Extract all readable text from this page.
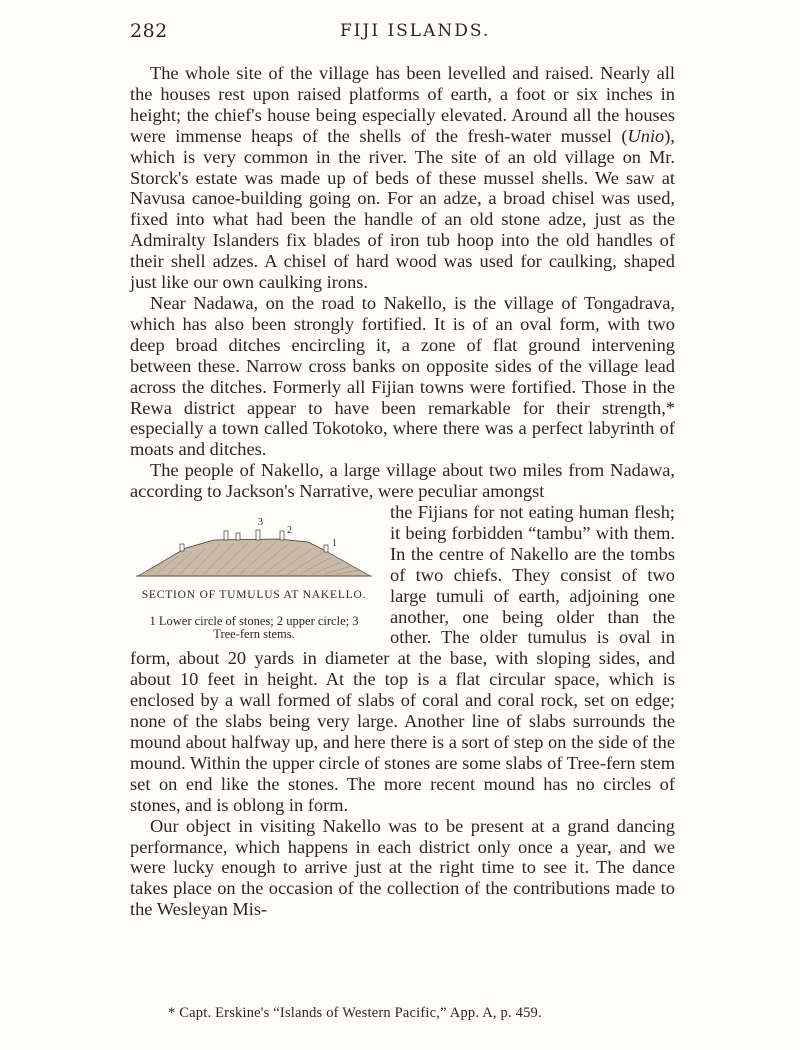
282	FIJI ISLANDS.

The whole site of the village has been levelled and raised. Nearly all the houses rest upon raised platforms of earth, a foot or six inches in height; the chief's house being especially elevated. Around all the houses were immense heaps of the shells of the fresh-water mussel (Unio), which is very common in the river. The site of an old village on Mr. Storck's estate was made up of beds of these mussel shells. We saw at Navusa canoe-building going on. For an adze, a broad chisel was used, fixed into what had been the handle of an old stone adze, just as the Admiralty Islanders fix blades of iron tub hoop into the old handles of their shell adzes. A chisel of hard wood was used for caulking, shaped just like our own caulking irons.

Near Nadawa, on the road to Nakello, is the village of Tongadrava, which has also been strongly fortified. It is of an oval form, with two deep broad ditches encircling it, a zone of flat ground intervening between these. Narrow cross banks on opposite sides of the village lead across the ditches. Formerly all Fijian towns were fortified. Those in the Rewa district appear to have been remarkable for their strength,* especially a town called Tokotoko, where there was a perfect labyrinth of moats and ditches.

The people of Nakello, a large village about two miles from Nadawa, according to Jackson's Narrative, were peculiar amongst

3
2
1
SECTION OF TUMULUS AT NAKELLO.
1 Lower circle of stones; 2 upper circle; 3 Tree-fern stems.
the Fijians for not eating human flesh; it being forbidden “tambu” with them. In the centre of Nakello are the tombs of two chiefs. They consist of two large tumuli of earth, adjoining one another, one being older than the other. The older tumulus is oval in form, about 20 yards in diameter at the base, with sloping sides, and about 10 feet in height. At the top is a flat circular space, which is enclosed by a wall formed of slabs of coral and coral rock, set on edge; none of the slabs being very large. Another line of slabs surrounds the mound about halfway up, and here there is a sort of step on the side of the mound. Within the upper circle of stones are some slabs of Tree-fern stem set on end like the stones. The more recent mound has no circles of stones, and is oblong in form.

Our object in visiting Nakello was to be present at a grand dancing performance, which happens in each district only once a year, and we were lucky enough to arrive just at the right time to see it. The dance takes place on the occasion of the collection of the contributions made to the Wesleyan Mis-

* Capt. Erskine's “Islands of Western Pacific,” App. A, p. 459.
